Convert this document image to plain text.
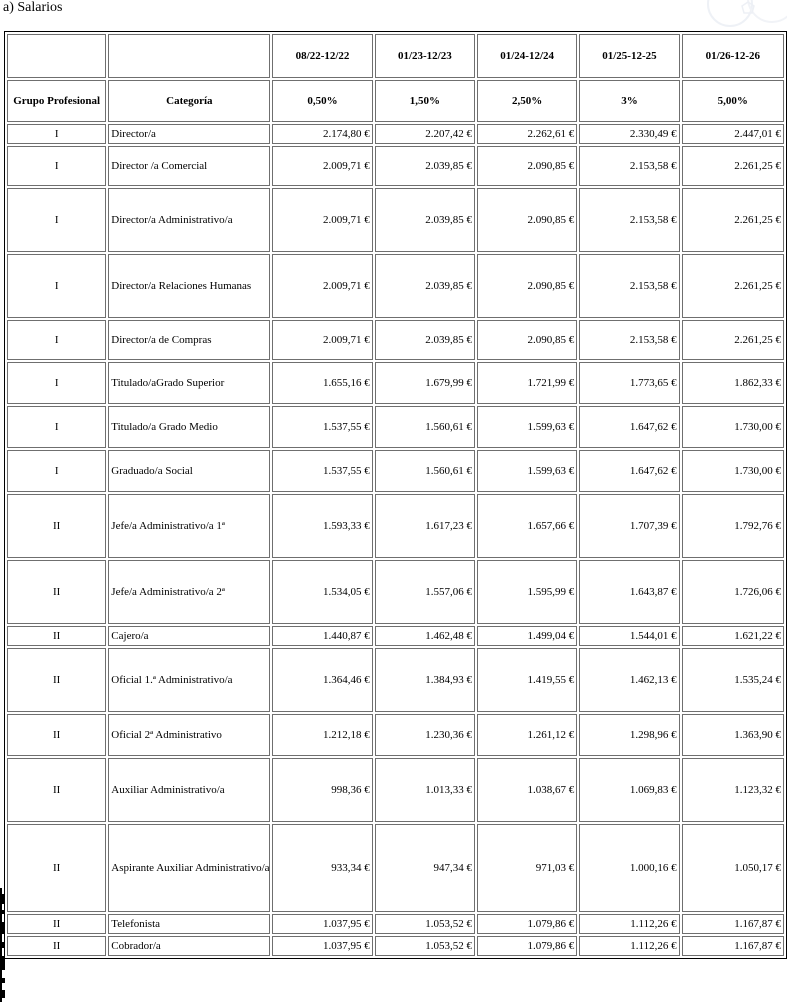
a) Salarios
		08/22-12/22	01/23-12/23	01/24-12/24	01/25-12-25	01/26-12-26
Grupo Profesional	Categoría	0,50%	1,50%	2,50%	3%	5,00%
I	Director/a	2.174,80 €	2.207,42 €	2.262,61 €	2.330,49 €	2.447,01 €
I	Director /a Comercial	2.009,71 €	2.039,85 €	2.090,85 €	2.153,58 €	2.261,25 €
I	Director/a Administrativo/a	2.009,71 €	2.039,85 €	2.090,85 €	2.153,58 €	2.261,25 €
I	Director/a Relaciones Humanas	2.009,71 €	2.039,85 €	2.090,85 €	2.153,58 €	2.261,25 €
I	Director/a de Compras	2.009,71 €	2.039,85 €	2.090,85 €	2.153,58 €	2.261,25 €
I	Titulado/aGrado Superior	1.655,16 €	1.679,99 €	1.721,99 €	1.773,65 €	1.862,33 €
I	Titulado/a Grado Medio	1.537,55 €	1.560,61 €	1.599,63 €	1.647,62 €	1.730,00 €
I	Graduado/a Social	1.537,55 €	1.560,61 €	1.599,63 €	1.647,62 €	1.730,00 €
II	Jefe/a Administrativo/a 1ª	1.593,33 €	1.617,23 €	1.657,66 €	1.707,39 €	1.792,76 €
II	Jefe/a Administrativo/a 2ª	1.534,05 €	1.557,06 €	1.595,99 €	1.643,87 €	1.726,06 €
II	Cajero/a	1.440,87 €	1.462,48 €	1.499,04 €	1.544,01 €	1.621,22 €
II	Oficial 1.ª Administrativo/a	1.364,46 €	1.384,93 €	1.419,55 €	1.462,13 €	1.535,24 €
II	Oficial 2ª Administrativo	1.212,18 €	1.230,36 €	1.261,12 €	1.298,96 €	1.363,90 €
II	Auxiliar Administrativo/a	998,36 €	1.013,33 €	1.038,67 €	1.069,83 €	1.123,32 €
II	Aspirante Auxiliar Administrativo/a	933,34 €	947,34 €	971,03 €	1.000,16 €	1.050,17 €
II	Telefonista	1.037,95 €	1.053,52 €	1.079,86 €	1.112,26 €	1.167,87 €
II	Cobrador/a	1.037,95 €	1.053,52 €	1.079,86 €	1.112,26 €	1.167,87 €
